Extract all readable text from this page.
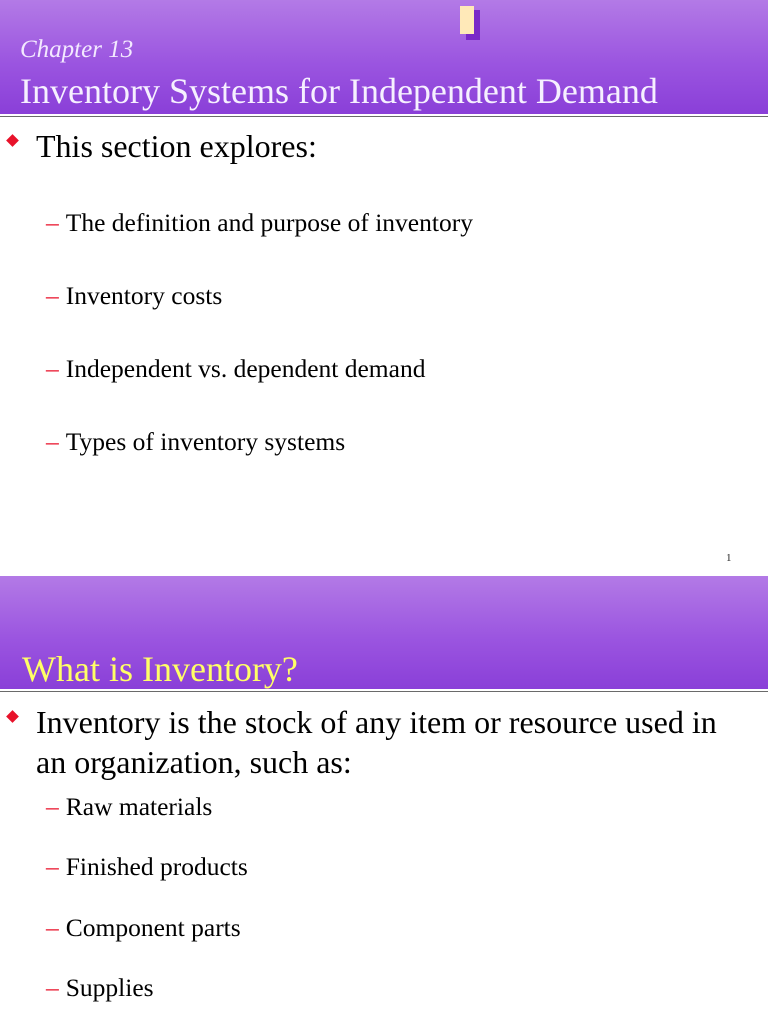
Chapter 13
Inventory Systems for Independent Demand
This section explores:
– The definition and purpose of inventory
– Inventory costs
– Independent vs. dependent demand
– Types of inventory systems
1
What is Inventory?
Inventory is the stock of any item or resource used in an organization, such as:
– Raw materials
– Finished products
– Component parts
– Supplies
